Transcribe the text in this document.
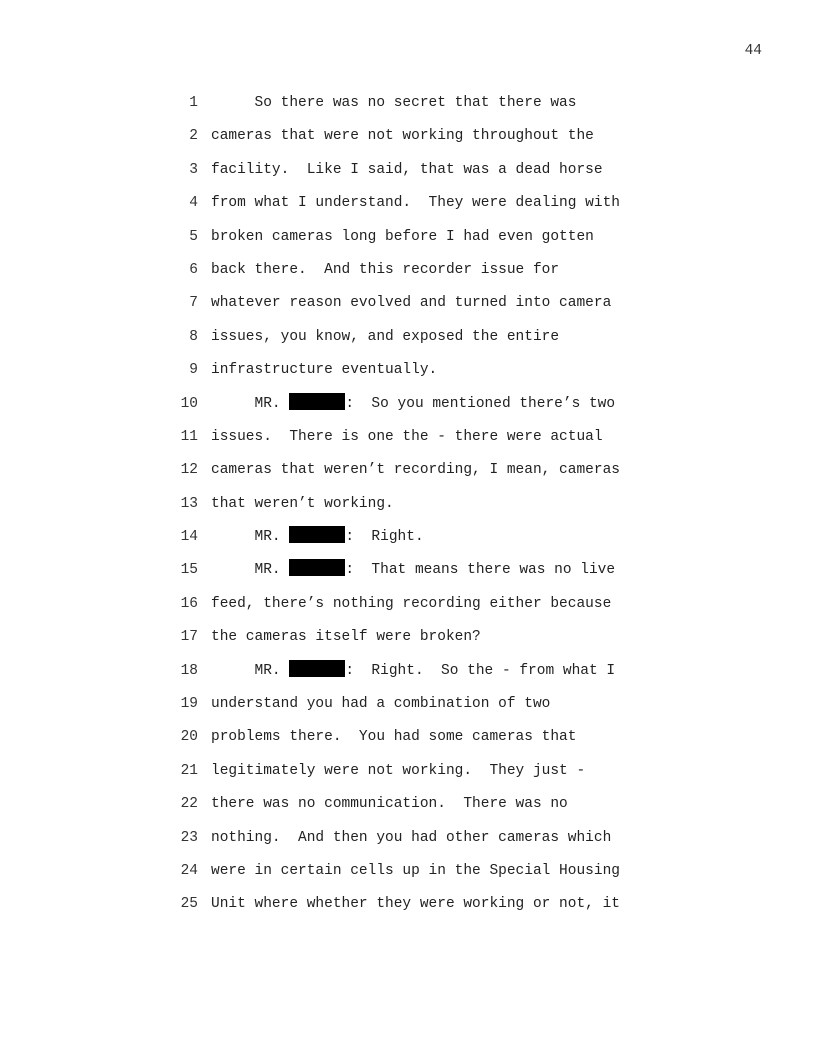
44

1

So there was no secret that there was

2

cameras that were not working throughout the

3

facility.  Like I said, that was a dead horse

4

from what I understand.  They were dealing with

5

broken cameras long before I had even gotten

6

back there.  And this recorder issue for

7

whatever reason evolved and turned into camera

8

issues, you know, and exposed the entire

9

infrastructure eventually.

10

MR.	:  So you mentioned there’s two

11

issues.  There is one the - there were actual

12

cameras that weren’t recording, I mean, cameras

13

that weren’t working.

14

MR.	:  Right.

15

MR.	:  That means there was no live

16

feed, there’s nothing recording either because

17

the cameras itself were broken?

18

MR.	:  Right.  So the - from what I

19

understand you had a combination of two

20

problems there.  You had some cameras that

21

legitimately were not working.  They just -

22

there was no communication.  There was no

23

nothing.  And then you had other cameras which

24

were in certain cells up in the Special Housing

25

Unit where whether they were working or not, it
